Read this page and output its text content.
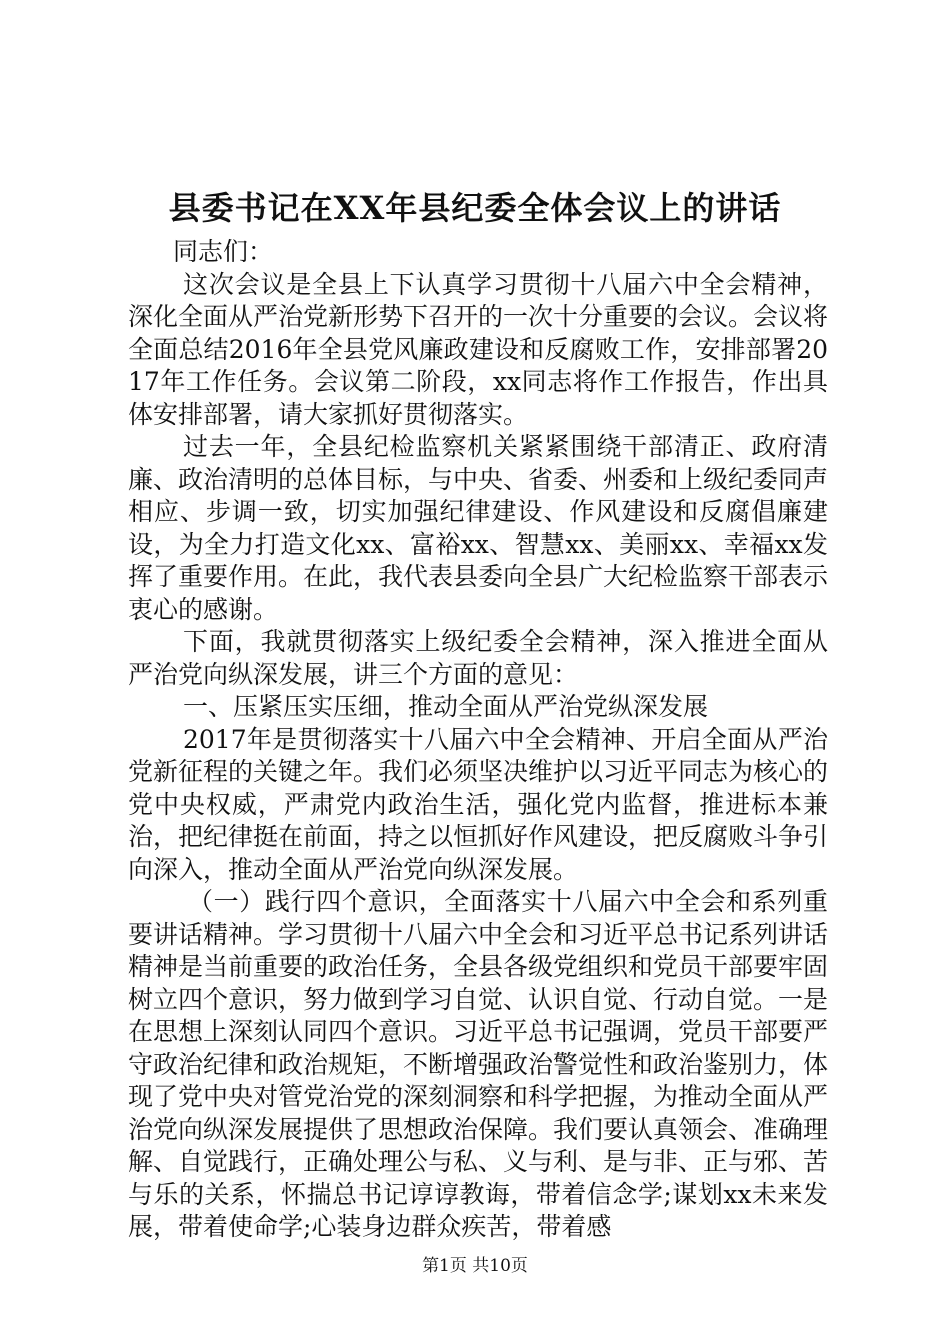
县委书记在XX年县纪委全体会议上的讲话

同志们：

这次会议是全县上下认真学习贯彻十八届六中全会精神，深化全面从严治党新形势下召开的一次十分重要的会议。会议将全面总结2016年全县党风廉政建设和反腐败工作，安排部署2017年工作任务。会议第二阶段，xx同志将作工作报告，作出具体安排部署，请大家抓好贯彻落实。

过去一年，全县纪检监察机关紧紧围绕干部清正、政府清廉、政治清明的总体目标，与中央、省委、州委和上级纪委同声相应、步调一致，切实加强纪律建设、作风建设和反腐倡廉建设，为全力打造文化xx、富裕xx、智慧xx、美丽xx、幸福xx发挥了重要作用。在此，我代表县委向全县广大纪检监察干部表示衷心的感谢。

下面，我就贯彻落实上级纪委全会精神，深入推进全面从严治党向纵深发展，讲三个方面的意见：

一、压紧压实压细，推动全面从严治党纵深发展

2017年是贯彻落实十八届六中全会精神、开启全面从严治党新征程的关键之年。我们必须坚决维护以习近平同志为核心的党中央权威，严肃党内政治生活，强化党内监督，推进标本兼治，把纪律挺在前面，持之以恒抓好作风建设，把反腐败斗争引向深入，推动全面从严治党向纵深发展。

（一）践行四个意识，全面落实十八届六中全会和系列重要讲话精神。学习贯彻十八届六中全会和习近平总书记系列讲话精神是当前重要的政治任务，全县各级党组织和党员干部要牢固树立四个意识，努力做到学习自觉、认识自觉、行动自觉。一是在思想上深刻认同四个意识。习近平总书记强调，党员干部要严守政治纪律和政治规矩，不断增强政治警觉性和政治鉴别力，体现了党中央对管党治党的深刻洞察和科学把握，为推动全面从严治党向纵深发展提供了思想政治保障。我们要认真领会、准确理解、自觉践行，正确处理公与私、义与利、是与非、正与邪、苦与乐的关系，怀揣总书记谆谆教诲，带着信念学;谋划xx未来发展，带着使命学;心装身边群众疾苦，带着感

第1页 共10页
